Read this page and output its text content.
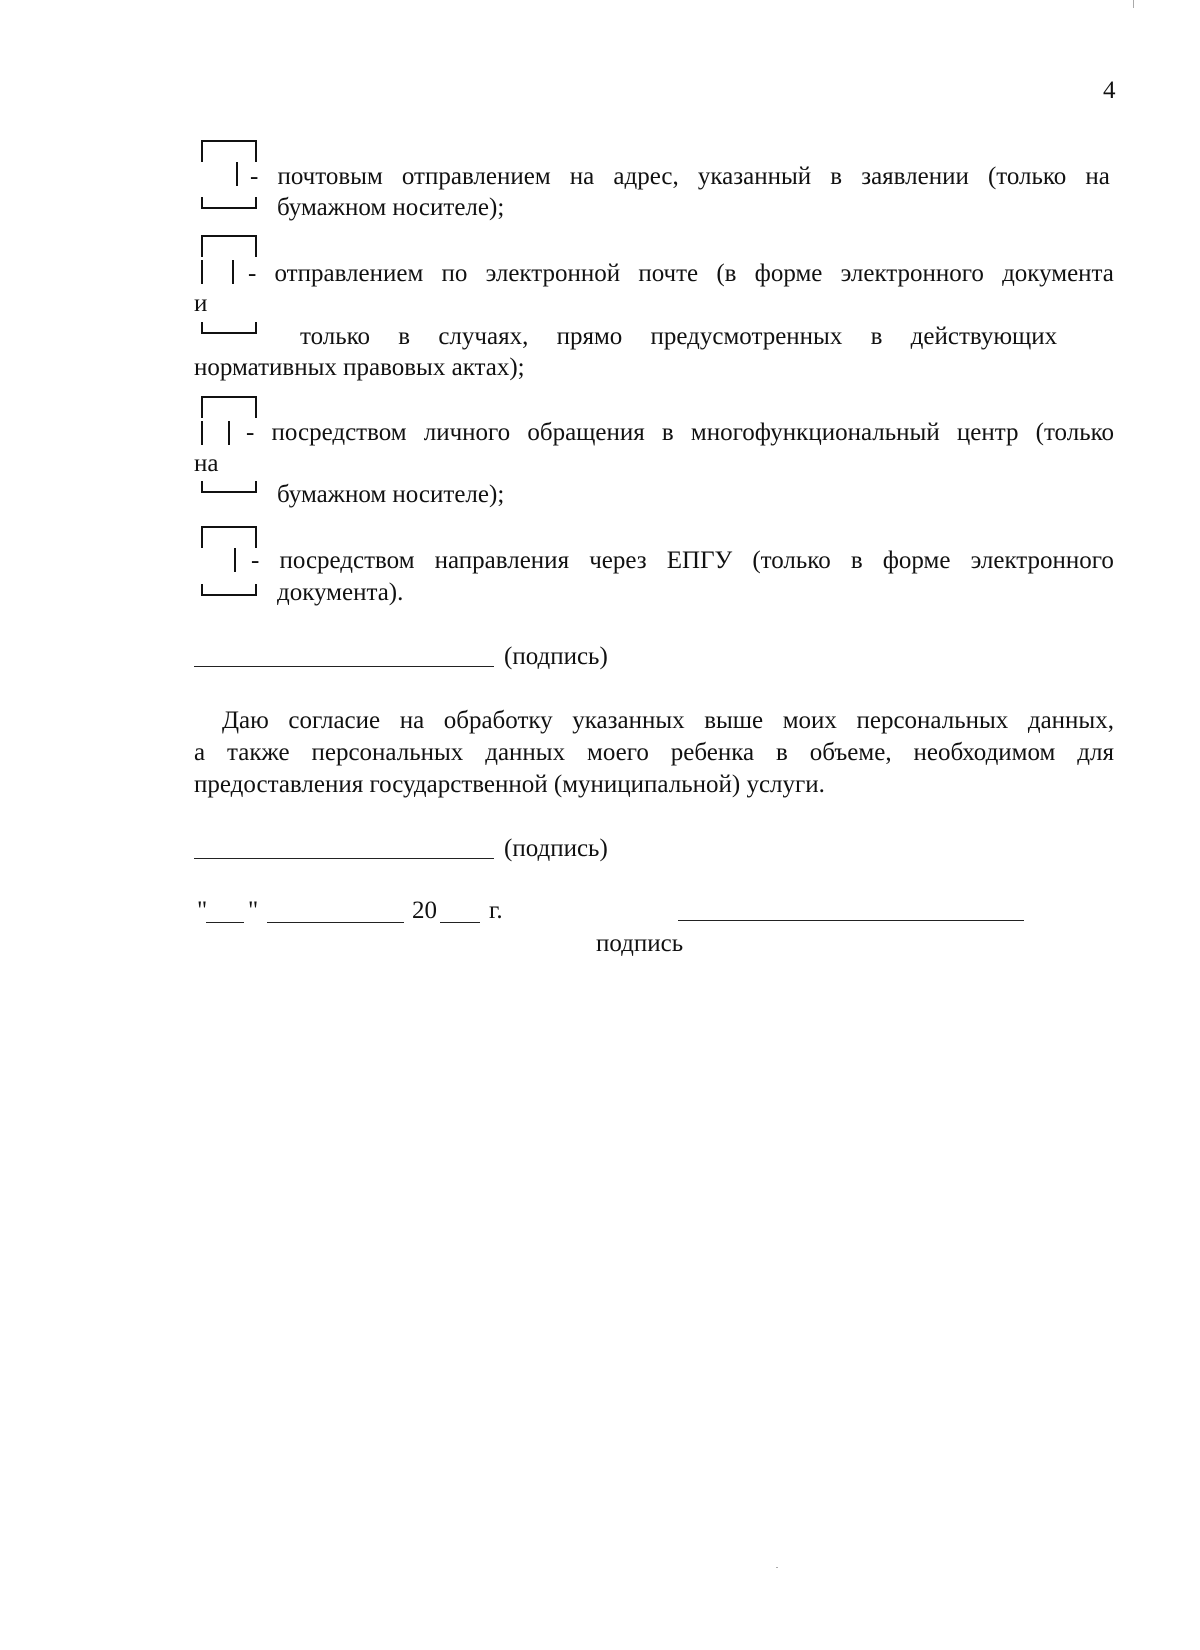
4
- почтовым отправлением на адрес, указанный в заявлении (только на
бумажном носителе);
- отправлением по электронной почте (в форме электронного документа
и
только в случаях, прямо предусмотренных в действующих
нормативных правовых актах);
- посредством личного обращения в многофункциональный центр (только
на
бумажном носителе);
- посредством направления через ЕПГУ (только в форме электронного
документа).
(подпись)
Даю согласие на обработку указанных выше моих персональных данных,
а также персональных данных моего ребенка в объеме, необходимом для
предоставления государственной (муниципальной) услуги.
(подпись)
" "	20 г.
подпись
